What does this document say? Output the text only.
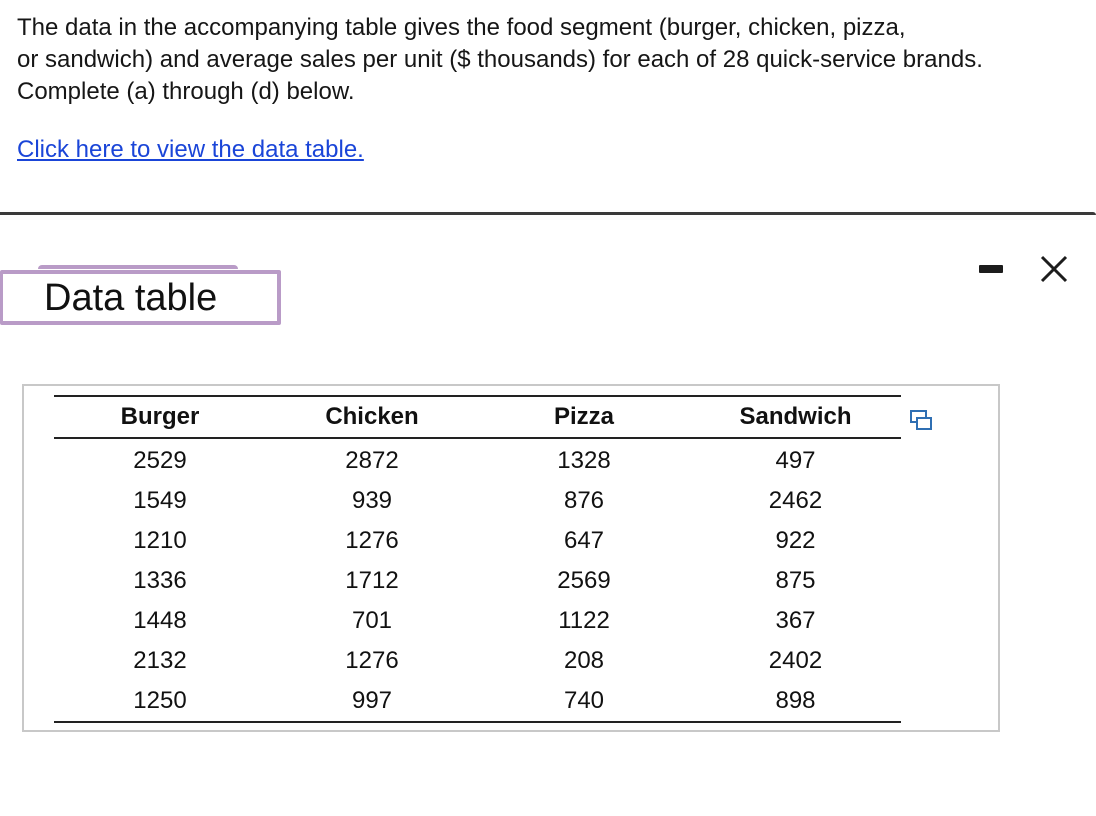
The data in the accompanying table gives the food segment (burger, chicken, pizza,

or sandwich) and average sales per unit ($ thousands) for each of 28 quick-service brands.

Complete (a) through (d) below.

Click here to view the data table.
Data table
Burger	Chicken	Pizza	Sandwich
2529	2872	1328	497
1549	939	876	2462
1210	1276	647	922
1336	1712	2569	875
1448	701	1122	367
2132	1276	208	2402
1250	997	740	898
